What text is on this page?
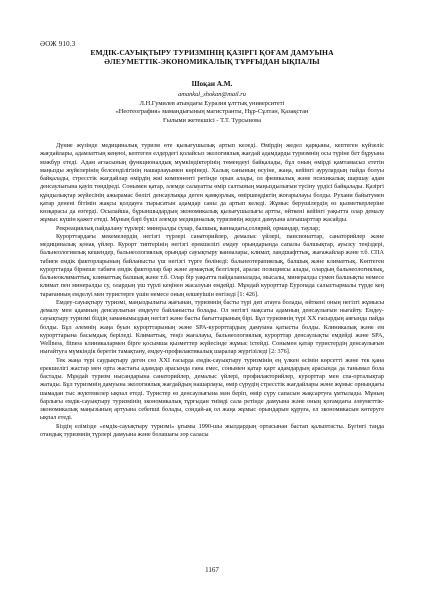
ӘОЖ 910.3
ЕМДІК-САУЫҚТЫРУ ТУРИЗМІНІҢ ҚАЗІРГІ ҚОҒАМ ДАМУЫНА
ӘЛЕУМЕТТІК-ЭКОНОМИКАЛЫҚ ТҰРҒЫДАН ЫҚПАЛЫ
Шоқан А.М.
amankul_shokan@mail.ru
Л.Н.Гумилев атындағы Еуразия ұлттық университеті
«Неотеография» мамандығының магистранты, Нұр-Сұлтан, Қазақстан
Ғылыми жетекшісі - Т.Т. Турсынова

Дүние жүзінде медициналық туризм өте қызығушылық артып келеді. Өмірдің жедел қарқыны, кептеген күйзеліс жағдайлары, адамзаттың кеңеюі, кептеген елдердегі қолайсыз экологиялық жағдай адамдарды туризмнің осы түріне бет бұруына мәжбүр етеді. Адам ағзасының функционалдық мүмкіндіктерінің төмендеуі байқалады, бұл оның өмірді қамтамасыз ететін маңызды жүйелерінің белсенділігінің нашарлауымен көрінеді. Халық санының өсуіне, жаңа, кейінгі аурулардың пайда болуы байқалады, стресстік жағдайлар өмірдің жиі компоненті ретінде орын алады, ол физикалық және психикалық шаршау адам денсаулығына қауіп төндіреді. Сонымен қатар, әлемде салауатты өмір салтының маңыздылығын түсіну үрдісі байқалады. Қазіргі құндылықтар жүйесінің ажырамас бөлігі денсаулыққа деген қамқорлық, өміршеңдіктің жоғарылауы болды. Рухани байытумен қатар денені бітімін жақсы қолдауға тырысатын адамдар саны да артып келеді. Жұмыс берушілердің өз қызметкерлеріне көзқарасы да өзгерді. Осылайша, бұрыншыдардың экономикалық қызығушылығы артты, өйткені кейінгі уақытта олар демалу жұмыс күшін қажет етеді. Мұның бәрі бүкіл әлемде медициналық туризмнің жедел дамуына алғышарттар жасайды.

Рекреациялық пайдалану түрлері: минералды сулар, балшық, ваннадағы,солярий, ормандар, таулар;

Курорттардағы мекемелердің негізгі түрлері санаторийлер, демалыс үйлері, пансионаттар, санаторийлер және медициналық қонақ үйлер. Курорт типтерінің негізгі ерекшелігі емдеу орындарында сапалы балшықтар, ауызсу теңіздері, бальнеологиялық кешендер, бальнеологиялық орындар сауықтыру ванналары, климат, ландшафттық, жағажайлар және т.б. СПА табиғи емдік факторларының байланысты үш негізгі түрге бөлінеді: бальнеотерапиялық, балшық және климаттық. Көптеген курорттарда бірнеше табиғи емдік факторлар бар және аумақтық белгілері, аралас позициясы алады, олардың бальнеологиялық, бальнеоклиматтық, климаттық балшық және т.б. Олар бір уақытта пайдаланылады, мысалы, минералды сумен балшықты немесе климат пен минералды су, олардың үш түрлі кеңінен жасалуын емдейді. Мұндай курорттар Еуропада салыстырмалы түрде кең тарағанның емделуі мен туристерге үшін немесе оның өлшеуішін енгізеді [1: 426].

Емдеу-сауықтыру туризмі, маңыздылығы жағынан, туризмнің басты түрі деп атауға болады, өйткені оның негізгі жұмысы демалу мен адамның денсаулығын емдеуге байланысты болады. Ол негізгі мақсаты адамның денсаулығын нығайту. Емдеу-сауықтыру туризмі біздің заманымыздың негізгі және басты бағыттарының бірі. Бұл туризмнің түрі XX ғасырдың аяғында пайда болды. Бұл әлемнің жаңа буын курорттарының және SPA-курорттардың дамуына қатысты болды. Клиникалық және ем курорттарына басымдық беріледі. Климаттық, теңіз жағалауы, бальнеологиялық курорттар денсаулықты емдейді және SPA, Wellness, fitness клиникалармен бірге қосымша қызметтер жүйесінде жұмыс істейді. Сонымен қатар туристердің денсаулығын нығайтуға мүмкіндік беретін тамақтану, емдеу-профилактикалық шаралар жүргізіледі [2: 376].

Тек жаңа түрі саудықтыру деген сөз XXI ғасырда емдік-сауықтыру туризмінің ең үлкен өсімін көрсетті және тек қана ерекшелігі жастар мен орта жастағы адамдар арасында ғана емес, сонымен қатар қарт адамдардың арасында да танымал бола бастады. Мұндай туризм нысандарына санаторийлер, демалыс үйлері, профилакторийлер, курорттар мен спа-орталықтар жатады. Бұл туризмнің дамуына экологиялық жағдайдың нашарлауы, өмір сүрудің стресстік жағдайлары және жұмыс орнындағы шамадан тыс жүктемелер ықпал етеді. Туристер өз денсаулығына мән беріп, өмір сүру сапасын жақсартуға ұмтылады. Мұның барлығы емдік-сауықтыру туризмінің экономикалық тұрғыдан тиімді сала ретінде дамуына және оның қоғамдағы әлеуметтік-экономикалық маңызының артуына себепші болады, сондай-ақ ол жаңа жұмыс орындарын құруға, ел экономикасын көтеруге ықпал етеді.

Біздің елімізде «емдік-сауықтыру туризмі» ұғымы 1990-шы жылдардың ортасынан бастап қалыптасты. Бүгінгі таңда отандық туризмнің түрлері дамуына және болашағы зор саласы

1167
